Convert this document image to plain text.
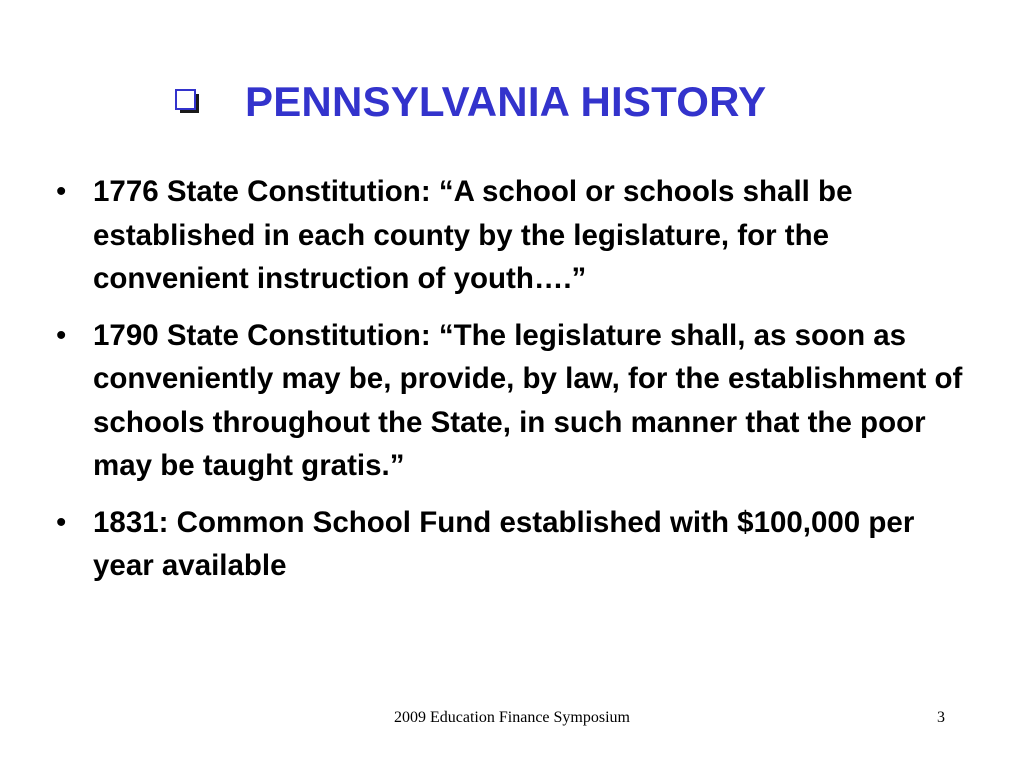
PENNSYLVANIA HISTORY
• 1776 State Constitution: “A school or schools shall be established in each county by the legislature, for the convenient instruction of youth….”
• 1790 State Constitution: “The legislature shall, as soon as conveniently may be, provide, by law, for the establishment of schools throughout the State, in such manner that the poor may be taught gratis.”
• 1831: Common School Fund established with $100,000 per year available
2009 Education Finance Symposium	3
